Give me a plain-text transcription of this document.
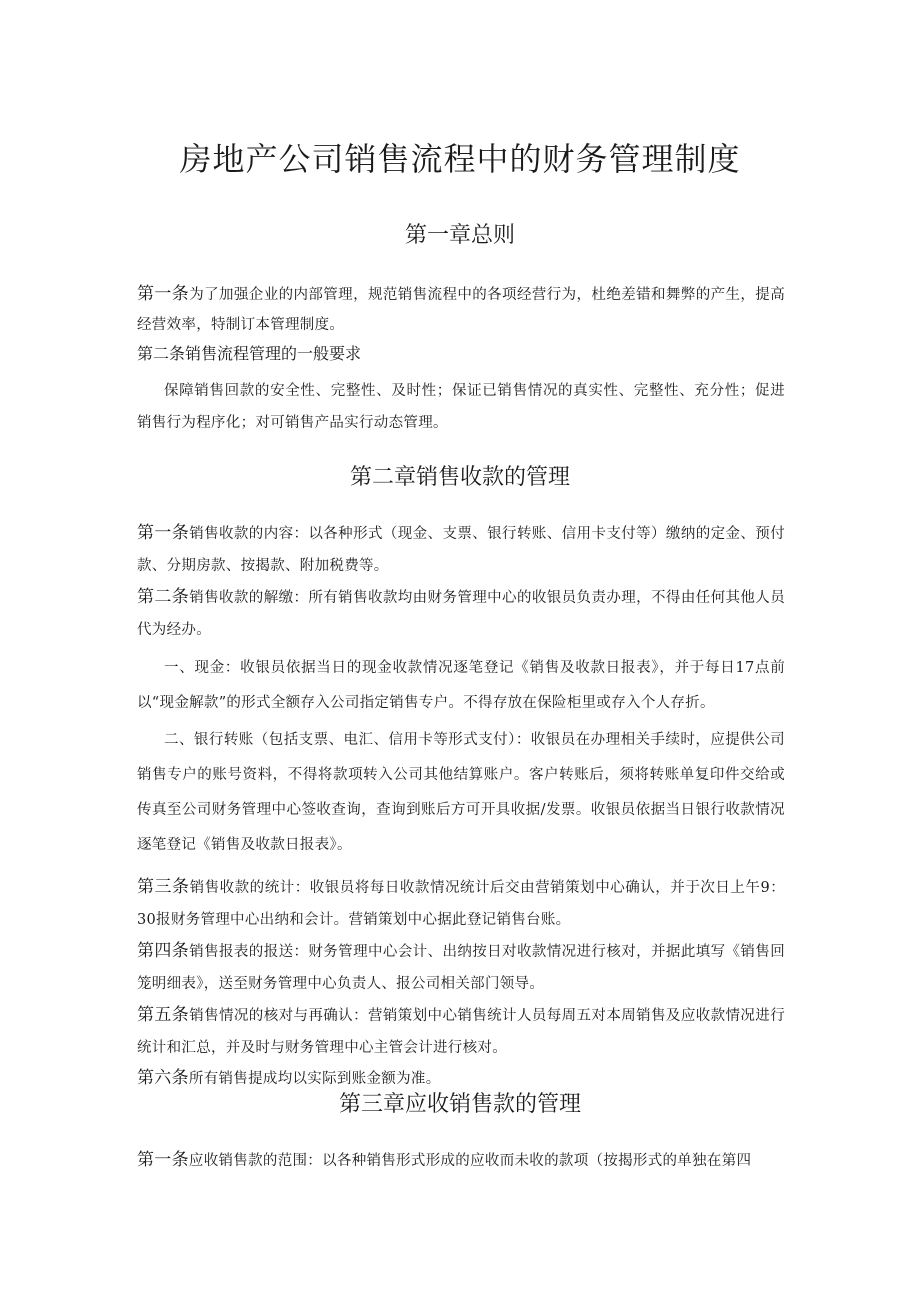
房地产公司销售流程中的财务管理制度
第一章总则

第一条为了加强企业的内部管理，规范销售流程中的各项经营行为，杜绝差错和舞弊的产生，提高经营效率，特制订本管理制度。

第二条销售流程管理的一般要求

保障销售回款的安全性、完整性、及时性；保证已销售情况的真实性、完整性、充分性；促进销售行为程序化；对可销售产品实行动态管理。

第二章销售收款的管理

第一条销售收款的内容：以各种形式（现金、支票、银行转账、信用卡支付等）缴纳的定金、预付款、分期房款、按揭款、附加税费等。

第二条销售收款的解缴：所有销售收款均由财务管理中心的收银员负责办理，不得由任何其他人员代为经办。

一、现金：收银员依据当日的现金收款情况逐笔登记《销售及收款日报表》，并于每日17点前以“现金解款”的形式全额存入公司指定销售专户。不得存放在保险柜里或存入个人存折。

二、银行转账（包括支票、电汇、信用卡等形式支付）：收银员在办理相关手续时，应提供公司销售专户的账号资料，不得将款项转入公司其他结算账户。客户转账后，须将转账单复印件交给或传真至公司财务管理中心签收查询，查询到账后方可开具收据/发票。收银员依据当日银行收款情况逐笔登记《销售及收款日报表》。

第三条销售收款的统计：收银员将每日收款情况统计后交由营销策划中心确认，并于次日上午9：30报财务管理中心出纳和会计。营销策划中心据此登记销售台账。

第四条销售报表的报送：财务管理中心会计、出纳按日对收款情况进行核对，并据此填写《销售回笼明细表》，送至财务管理中心负责人、报公司相关部门领导。

第五条销售情况的核对与再确认：营销策划中心销售统计人员每周五对本周销售及应收款情况进行统计和汇总，并及时与财务管理中心主管会计进行核对。

第六条所有销售提成均以实际到账金额为准。

第三章应收销售款的管理

第一条应收销售款的范围：以各种销售形式形成的应收而未收的款项（按揭形式的单独在第四
